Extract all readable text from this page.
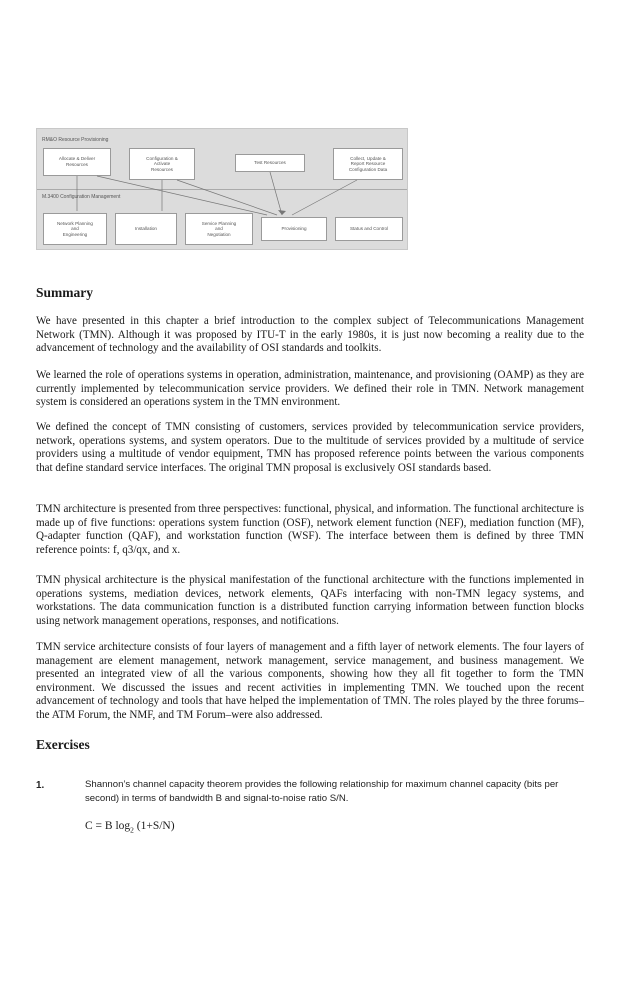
RM&O Resource Provisioning
Allocate & Deliver
Resources
Configuration &
Activate
Resources
Test Resources
Collect, Update &
Report Resource
Configuration Data
M.3400 Configuration Management
Network Planning
and
Engineering
Installation
Service Planning
and
Negotiation
Provisioning	Status and Control
Summary

We have presented in this chapter a brief introduction to the complex subject of Telecommunications Management Network (TMN). Although it was proposed by ITU-T in the early 1980s, it is just now becoming a reality due to the advancement of technology and the availability of OSI standards and toolkits.

We learned the role of operations systems in operation, administration, maintenance, and provisioning (OAMP) as they are currently implemented by telecommunication service providers. We defined their role in TMN. Network management system is considered an operations system in the TMN environment.

We defined the concept of TMN consisting of customers, services provided by telecommunication service providers, network, operations systems, and system operators. Due to the multitude of services provided by a multitude of service providers using a multitude of vendor equipment, TMN has proposed reference points between the various components that define standard service interfaces. The original TMN proposal is exclusively OSI standards based.

TMN architecture is presented from three perspectives: functional, physical, and information. The functional architecture is made up of five functions: operations system function (OSF), network element function (NEF), mediation function (MF), Q-adapter function (QAF), and workstation function (WSF). The interface between them is defined by three TMN reference points: f, q3/qx, and x.

TMN physical architecture is the physical manifestation of the functional architecture with the functions implemented in operations systems, mediation devices, network elements, QAFs interfacing with non-TMN legacy systems, and workstations. The data communication function is a distributed function carrying information between function blocks using network management operations, responses, and notifications.

TMN service architecture consists of four layers of management and a fifth layer of network elements. The four layers of management are element management, network management, service management, and business management. We presented an integrated view of all the various components, showing how they all fit together to form the TMN environment. We discussed the issues and recent activities in implementing TMN. We touched upon the recent advancement of technology and tools that have helped the implementation of TMN. The roles played by the three forums–the ATM Forum, the NMF, and TM Forum–were also addressed.

Exercises
1.	Shannon’s channel capacity theorem provides the following relationship for maximum channel capacity (bits per second) in terms of bandwidth B and signal-to-noise ratio S/N.

C = B $\log_2 (1+S/N)$
